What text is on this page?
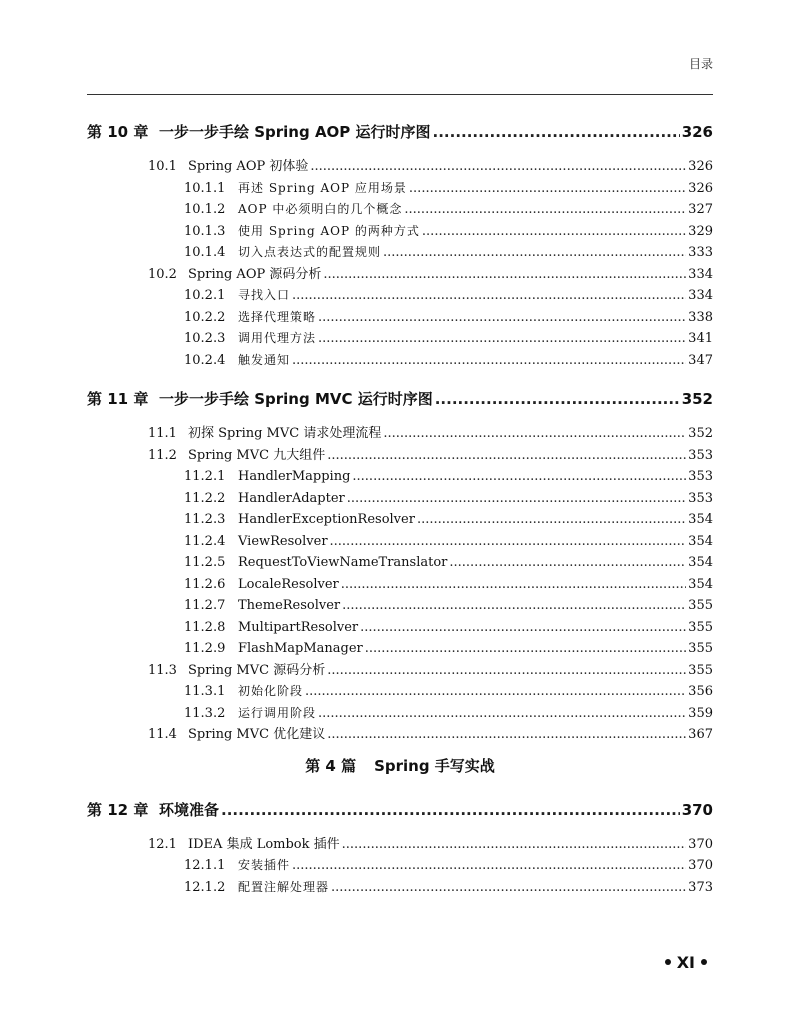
目录
第 10 章 一步一步手绘 Spring AOP 运行时序图 .....	326
10.1 Spring AOP 初体验 .....	326
10.1.1	再述 Spring AOP 应用场景 .....	326
10.1.2	AOP 中必须明白的几个概念 .....	327
10.1.3	使用 Spring AOP 的两种方式 .....	329
10.1.4	切入点表达式的配置规则 .....	333
10.2 Spring AOP 源码分析 .....	334
10.2.1	寻找入口 .....	334
10.2.2	选择代理策略 .....	338
10.2.3	调用代理方法 .....	341
10.2.4	触发通知 .....	347
第 11 章 一步一步手绘 Spring MVC 运行时序图 .....	352
11.1 初探 Spring MVC 请求处理流程 .....	352
11.2 Spring MVC 九大组件 .....	353
11.2.1 HandlerMapping .....	353
11.2.2 HandlerAdapter .....	353
11.2.3 HandlerExceptionResolver .....	354
11.2.4 ViewResolver .....	354
11.2.5 RequestToViewNameTranslator .....	354
11.2.6 LocaleResolver .....	354
11.2.7 ThemeResolver .....	355
11.2.8 MultipartResolver .....	355
11.2.9 FlashMapManager .....	355
11.3 Spring MVC 源码分析 .....	355
11.3.1	初始化阶段 .....	356
11.3.2	运行调用阶段 .....	359
11.4 Spring MVC 优化建议 .....	367
第 4 篇 Spring 手写实战
第 12 章 环境准备 .....	370
12.1 IDEA 集成 Lombok 插件 .....	370
12.1.1	安装插件 .....	370
12.1.2	配置注解处理器 .....	373
XI
